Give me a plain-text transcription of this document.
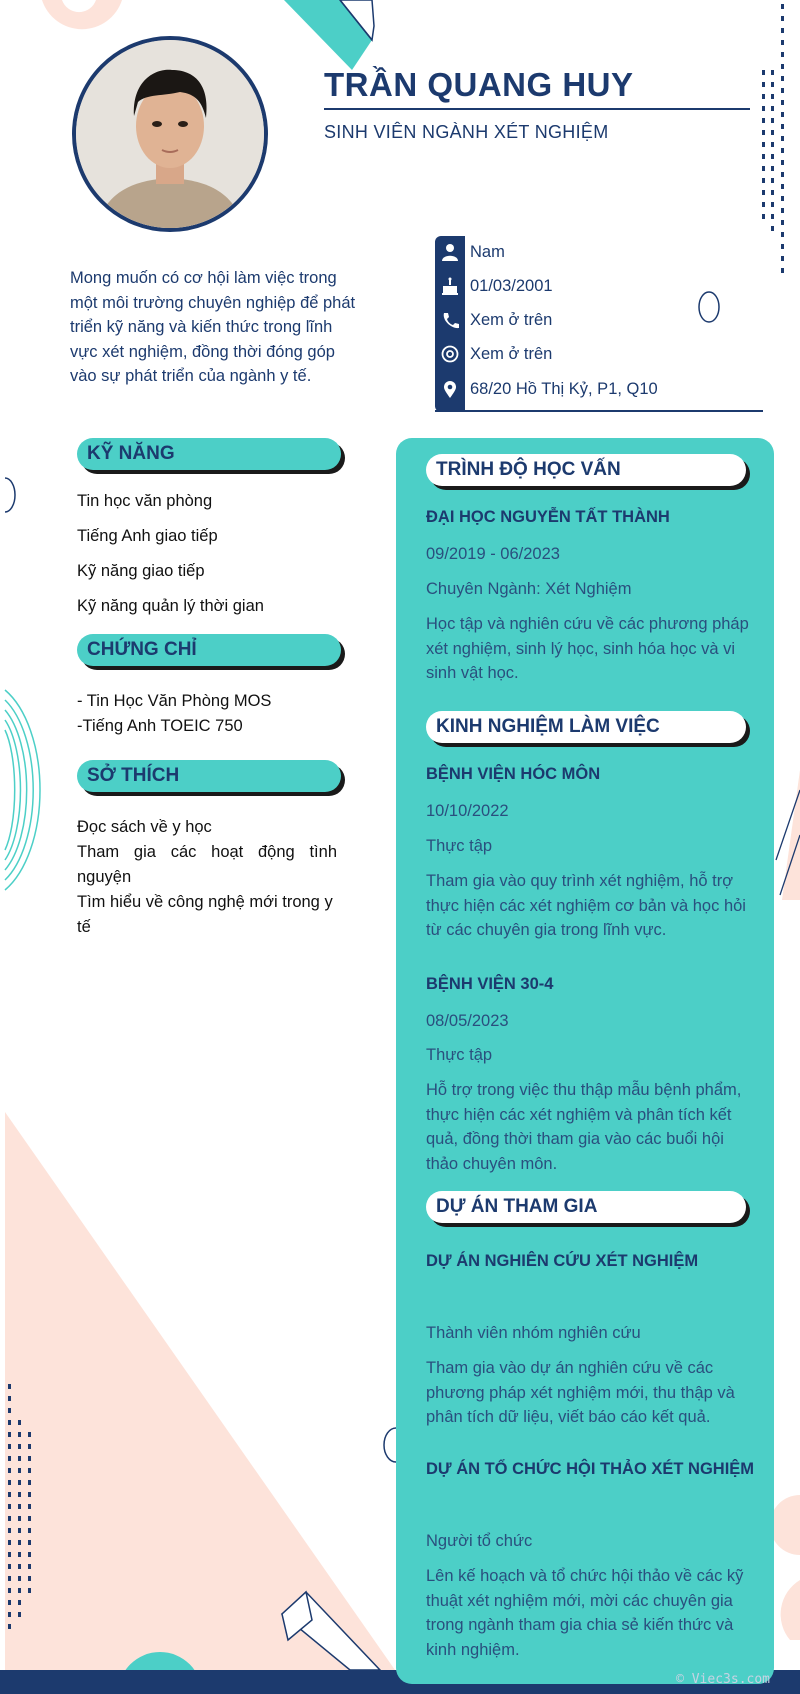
TRẦN QUANG HUY
SINH VIÊN NGÀNH XÉT NGHIỆM
Mong muốn có cơ hội làm việc trong một môi trường chuyên nghiệp để phát triển kỹ năng và kiến thức trong lĩnh vực xét nghiệm, đồng thời đóng góp vào sự phát triển của ngành y tế.
Nam
01/03/2001
Xem ở trên
Xem ở trên
68/20 Hồ Thị Kỷ, P1, Q10
KỸ NĂNG
Tin học văn phòng
Tiếng Anh giao tiếp
Kỹ năng giao tiếp
Kỹ năng quản lý thời gian
CHỨNG CHỈ
- Tin Học Văn Phòng MOS
-Tiếng Anh TOEIC 750
SỞ THÍCH
Đọc sách về y học
Tham gia các hoạt động tình nguyện
Tìm hiểu về công nghệ mới trong y tế
TRÌNH ĐỘ HỌC VẤN
ĐẠI HỌC NGUYỄN TẤT THÀNH
09/2019 - 06/2023
Chuyên Ngành: Xét Nghiệm
Học tập và nghiên cứu về các phương pháp xét nghiệm, sinh lý học, sinh hóa học và vi sinh vật học.
KINH NGHIỆM LÀM VIỆC
BỆNH VIỆN HÓC MÔN
10/10/2022
Thực tập
Tham gia vào quy trình xét nghiệm, hỗ trợ thực hiện các xét nghiệm cơ bản và học hỏi từ các chuyên gia trong lĩnh vực.
BỆNH VIỆN 30-4
08/05/2023
Thực tập
Hỗ trợ trong việc thu thập mẫu bệnh phẩm, thực hiện các xét nghiệm và phân tích kết quả, đồng thời tham gia vào các buổi hội thảo chuyên môn.
DỰ ÁN THAM GIA
DỰ ÁN NGHIÊN CỨU XÉT NGHIỆM
Thành viên nhóm nghiên cứu
Tham gia vào dự án nghiên cứu về các phương pháp xét nghiệm mới, thu thập và phân tích dữ liệu, viết báo cáo kết quả.
DỰ ÁN TỔ CHỨC HỘI THẢO XÉT NGHIỆM
Người tổ chức
Lên kế hoạch và tổ chức hội thảo về các kỹ thuật xét nghiệm mới, mời các chuyên gia trong ngành tham gia chia sẻ kiến thức và kinh nghiệm.
© Viec3s.com
